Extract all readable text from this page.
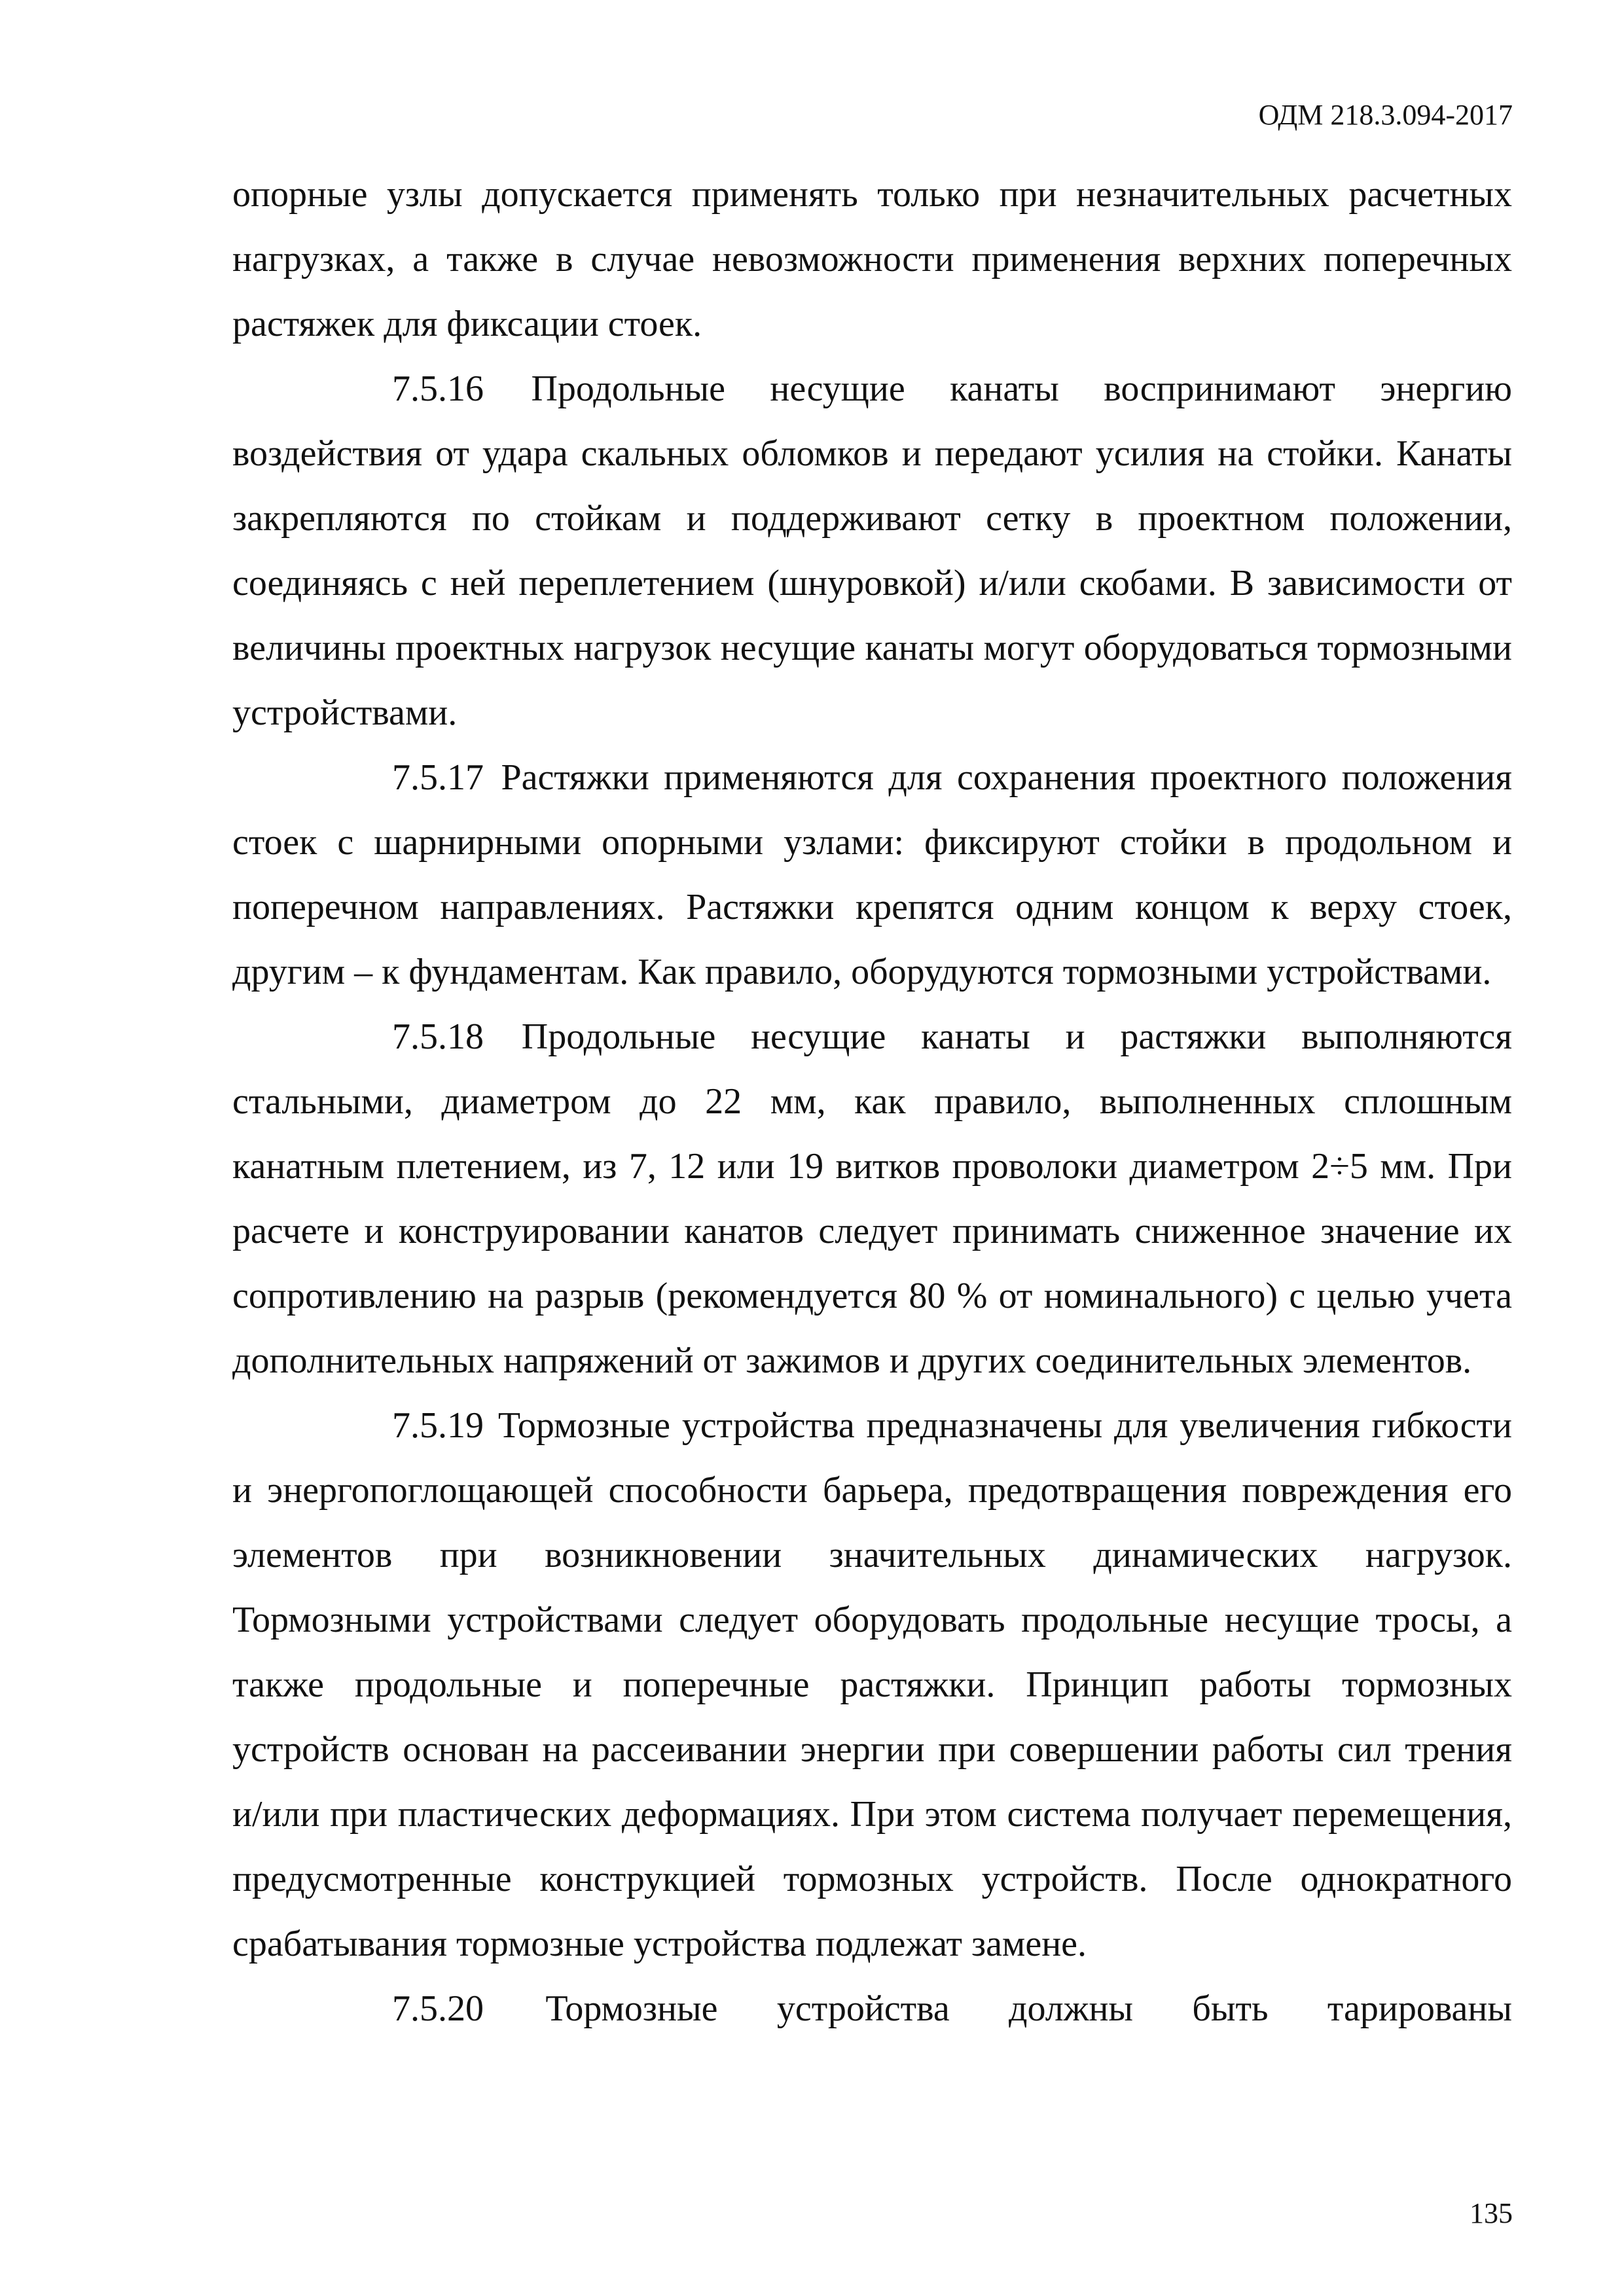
ОДМ 218.3.094-2017

опорные узлы допускается применять только при незначительных расчетных нагрузках, а также в случае невозможности применения верхних поперечных растяжек для фиксации стоек.

7.5.16 Продольные несущие канаты воспринимают энергию воздействия от удара скальных обломков и передают усилия на стойки. Канаты закрепляются по стойкам и поддерживают сетку в проектном положении, соединяясь с ней переплетением (шнуровкой) и/или скобами. В зависимости от величины проектных нагрузок несущие канаты могут оборудоваться тормозными устройствами.

7.5.17 Растяжки применяются для сохранения проектного положения стоек с шарнирными опорными узлами: фиксируют стойки в продольном и поперечном направлениях. Растяжки крепятся одним концом к верху стоек, другим – к фундаментам. Как правило, оборудуются тормозными устройствами.

7.5.18 Продольные несущие канаты и растяжки выполняются стальными, диаметром до 22 мм, как правило, выполненных сплошным канатным плетением, из 7, 12 или 19 витков проволоки диаметром 2÷5 мм. При расчете и конструировании канатов следует принимать сниженное значение их сопротивлению на разрыв (рекомендуется 80 % от номинального) с целью учета дополнительных напряжений от зажимов и других соединительных элементов.

7.5.19 Тормозные устройства предназначены для увеличения гибкости и энергопоглощающей способности барьера, предотвращения повреждения его элементов при возникновении значительных динамических нагрузок. Тормозными устройствами следует оборудовать продольные несущие тросы, а также продольные и поперечные растяжки. Принцип работы тормозных устройств основан на рассеивании энергии при совершении работы сил трения и/или при пластических деформациях. При этом система получает перемещения, предусмотренные конструкцией тормозных устройств. После однократного срабатывания тормозные устройства подлежат замене.

7.5.20 Тормозные устройства должны быть тарированы

135
